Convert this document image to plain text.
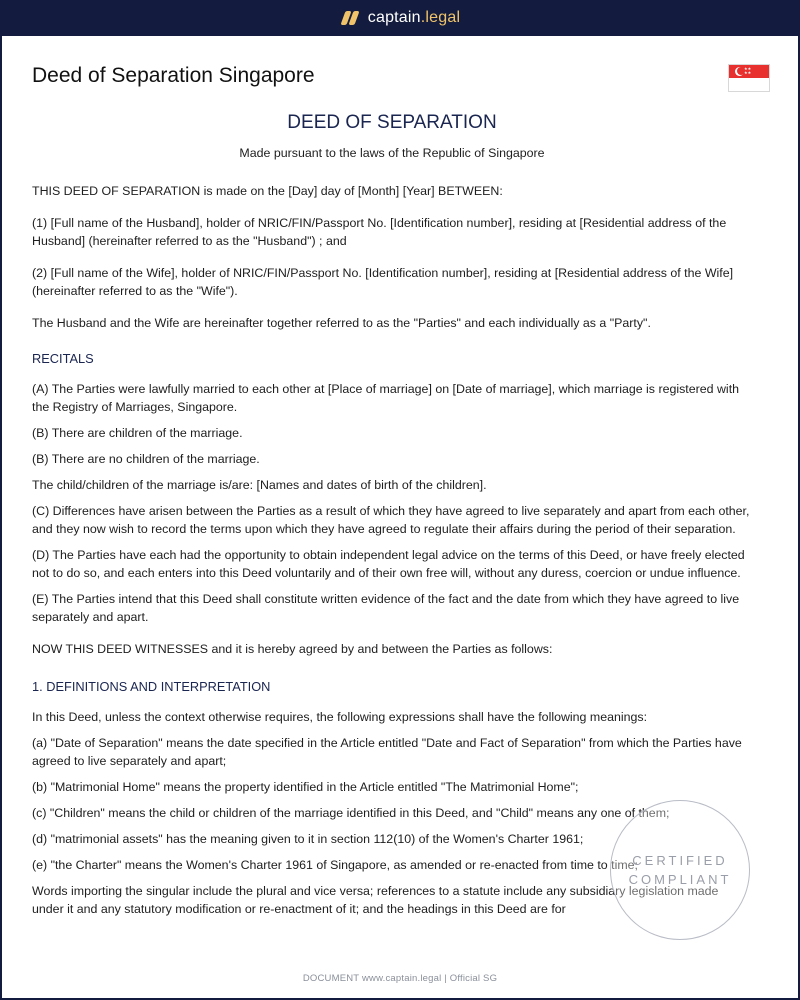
captain.legal
Deed of Separation Singapore	★★
★★

DEED OF SEPARATION

Made pursuant to the laws of the Republic of Singapore

THIS DEED OF SEPARATION is made on the [Day] day of [Month] [Year] BETWEEN:

(1) [Full name of the Husband], holder of NRIC/FIN/Passport No. [Identification number], residing at [Residential address of the Husband] (hereinafter referred to as the "Husband") ; and

(2) [Full name of the Wife], holder of NRIC/FIN/Passport No. [Identification number], residing at [Residential address of the Wife] (hereinafter referred to as the "Wife").

The Husband and the Wife are hereinafter together referred to as the "Parties" and each individually as a "Party".

RECITALS

(A) The Parties were lawfully married to each other at [Place of marriage] on [Date of marriage], which marriage is registered with the Registry of Marriages, Singapore.

(B) There are children of the marriage.

(B) There are no children of the marriage.

The child/children of the marriage is/are: [Names and dates of birth of the children].

(C) Differences have arisen between the Parties as a result of which they have agreed to live separately and apart from each other, and they now wish to record the terms upon which they have agreed to regulate their affairs during the period of their separation.

(D) The Parties have each had the opportunity to obtain independent legal advice on the terms of this Deed, or have freely elected not to do so, and each enters into this Deed voluntarily and of their own free will, without any duress, coercion or undue influence.

(E) The Parties intend that this Deed shall constitute written evidence of the fact and the date from which they have agreed to live separately and apart.

NOW THIS DEED WITNESSES and it is hereby agreed by and between the Parties as follows:

1. DEFINITIONS AND INTERPRETATION

In this Deed, unless the context otherwise requires, the following expressions shall have the following meanings:

(a) "Date of Separation" means the date specified in the Article entitled "Date and Fact of Separation" from which the Parties have agreed to live separately and apart;

(b) "Matrimonial Home" means the property identified in the Article entitled "The Matrimonial Home";

(c) "Children" means the child or children of the marriage identified in this Deed, and "Child" means any one of them;

(d) "matrimonial assets" has the meaning given to it in section 112(10) of the Women's Charter 1961;

(e) "the Charter" means the Women's Charter 1961 of Singapore, as amended or re-enacted from time to time;

Words importing the singular include the plural and vice versa; references to a statute include any subsidiary legislation made under it and any statutory modification or re-enactment of it; and the headings in this Deed are for

CERTIFIED
COMPLIANT
DOCUMENT www.captain.legal | Official SG
